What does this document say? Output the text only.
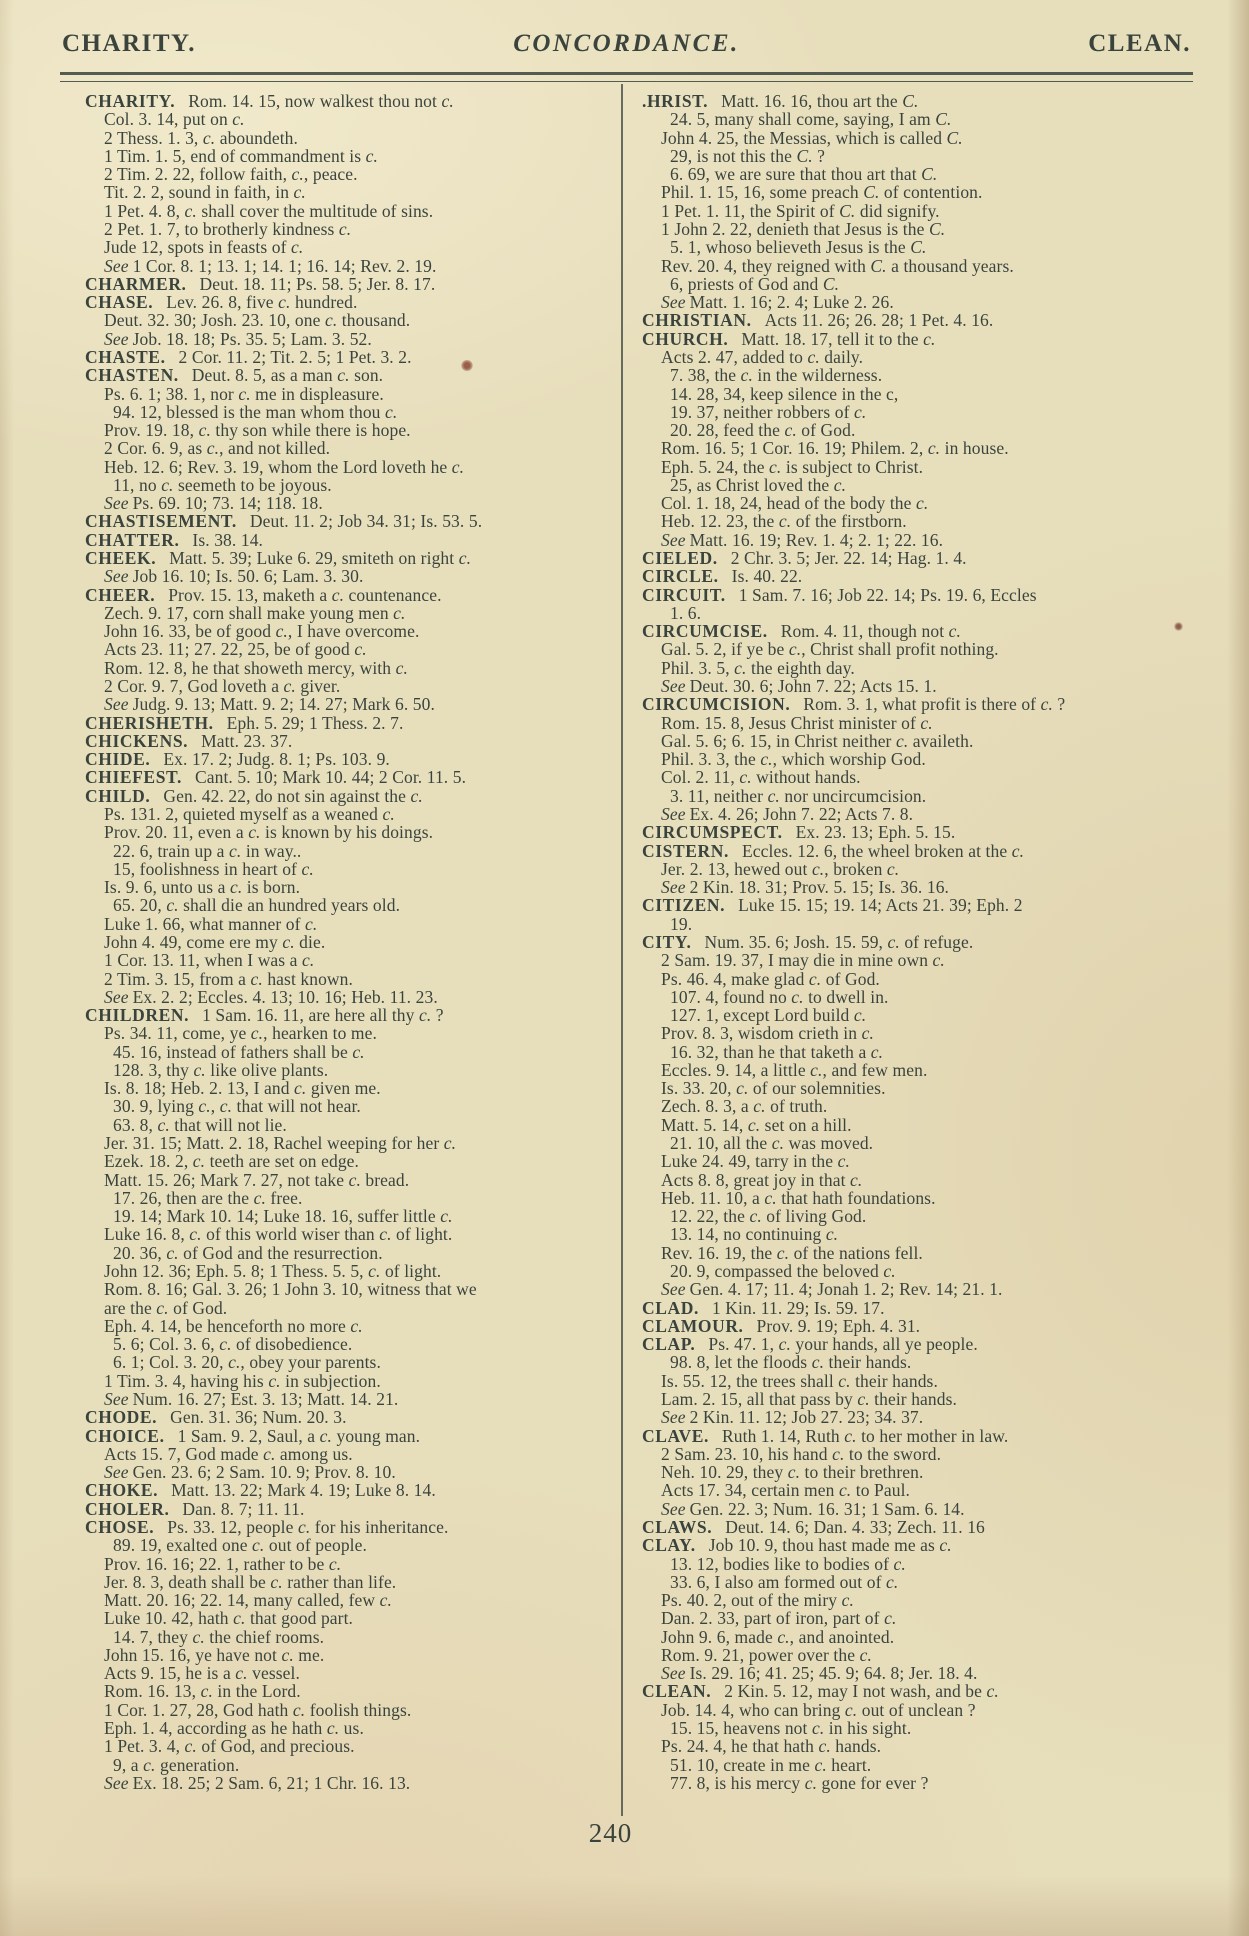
CHARITY.	CONCORDANCE.	CLEAN.
CHARITY. Rom. 14. 15, now walkest thou not c.
Col. 3. 14, put on c.
2 Thess. 1. 3, c. aboundeth.
1 Tim. 1. 5, end of commandment is c.
2 Tim. 2. 22, follow faith, c., peace.
Tit. 2. 2, sound in faith, in c.
1 Pet. 4. 8, c. shall cover the multitude of sins.
2 Pet. 1. 7, to brotherly kindness c.
Jude 12, spots in feasts of c.
See 1 Cor. 8. 1; 13. 1; 14. 1; 16. 14; Rev. 2. 19.
CHARMER. Deut. 18. 11; Ps. 58. 5; Jer. 8. 17.
CHASE. Lev. 26. 8, five c. hundred.
Deut. 32. 30; Josh. 23. 10, one c. thousand.
See Job. 18. 18; Ps. 35. 5; Lam. 3. 52.
CHASTE. 2 Cor. 11. 2; Tit. 2. 5; 1 Pet. 3. 2.
CHASTEN. Deut. 8. 5, as a man c. son.
Ps. 6. 1; 38. 1, nor c. me in displeasure.
94. 12, blessed is the man whom thou c.
Prov. 19. 18, c. thy son while there is hope.
2 Cor. 6. 9, as c., and not killed.
Heb. 12. 6; Rev. 3. 19, whom the Lord loveth he c.
11, no c. seemeth to be joyous.
See Ps. 69. 10; 73. 14; 118. 18.
CHASTISEMENT. Deut. 11. 2; Job 34. 31; Is. 53. 5.
CHATTER. Is. 38. 14.
CHEEK. Matt. 5. 39; Luke 6. 29, smiteth on right c.
See Job 16. 10; Is. 50. 6; Lam. 3. 30.
CHEER. Prov. 15. 13, maketh a c. countenance.
Zech. 9. 17, corn shall make young men c.
John 16. 33, be of good c., I have overcome.
Acts 23. 11; 27. 22, 25, be of good c.
Rom. 12. 8, he that showeth mercy, with c.
2 Cor. 9. 7, God loveth a c. giver.
See Judg. 9. 13; Matt. 9. 2; 14. 27; Mark 6. 50.
CHERISHETH. Eph. 5. 29; 1 Thess. 2. 7.
CHICKENS. Matt. 23. 37.
CHIDE. Ex. 17. 2; Judg. 8. 1; Ps. 103. 9.
CHIEFEST. Cant. 5. 10; Mark 10. 44; 2 Cor. 11. 5.
CHILD. Gen. 42. 22, do not sin against the c.
Ps. 131. 2, quieted myself as a weaned c.
Prov. 20. 11, even a c. is known by his doings.
22. 6, train up a c. in way..
15, foolishness in heart of c.
Is. 9. 6, unto us a c. is born.
65. 20, c. shall die an hundred years old.
Luke 1. 66, what manner of c.
John 4. 49, come ere my c. die.
1 Cor. 13. 11, when I was a c.
2 Tim. 3. 15, from a c. hast known.
See Ex. 2. 2; Eccles. 4. 13; 10. 16; Heb. 11. 23.
CHILDREN. 1 Sam. 16. 11, are here all thy c. ?
Ps. 34. 11, come, ye c., hearken to me.
45. 16, instead of fathers shall be c.
128. 3, thy c. like olive plants.
Is. 8. 18; Heb. 2. 13, I and c. given me.
30. 9, lying c., c. that will not hear.
63. 8, c. that will not lie.
Jer. 31. 15; Matt. 2. 18, Rachel weeping for her c.
Ezek. 18. 2, c. teeth are set on edge.
Matt. 15. 26; Mark 7. 27, not take c. bread.
17. 26, then are the c. free.
19. 14; Mark 10. 14; Luke 18. 16, suffer little c.
Luke 16. 8, c. of this world wiser than c. of light.
20. 36, c. of God and the resurrection.
John 12. 36; Eph. 5. 8; 1 Thess. 5. 5, c. of light.
Rom. 8. 16; Gal. 3. 26; 1 John 3. 10, witness that we
are the c. of God.
Eph. 4. 14, be henceforth no more c.
5. 6; Col. 3. 6, c. of disobedience.
6. 1; Col. 3. 20, c., obey your parents.
1 Tim. 3. 4, having his c. in subjection.
See Num. 16. 27; Est. 3. 13; Matt. 14. 21.
CHODE. Gen. 31. 36; Num. 20. 3.
CHOICE. 1 Sam. 9. 2, Saul, a c. young man.
Acts 15. 7, God made c. among us.
See Gen. 23. 6; 2 Sam. 10. 9; Prov. 8. 10.
CHOKE. Matt. 13. 22; Mark 4. 19; Luke 8. 14.
CHOLER. Dan. 8. 7; 11. 11.
CHOSE. Ps. 33. 12, people c. for his inheritance.
89. 19, exalted one c. out of people.
Prov. 16. 16; 22. 1, rather to be c.
Jer. 8. 3, death shall be c. rather than life.
Matt. 20. 16; 22. 14, many called, few c.
Luke 10. 42, hath c. that good part.
14. 7, they c. the chief rooms.
John 15. 16, ye have not c. me.
Acts 9. 15, he is a c. vessel.
Rom. 16. 13, c. in the Lord.
1 Cor. 1. 27, 28, God hath c. foolish things.
Eph. 1. 4, according as he hath c. us.
1 Pet. 3. 4, c. of God, and precious.
9, a c. generation.
See Ex. 18. 25; 2 Sam. 6, 21; 1 Chr. 16. 13.
.HRIST. Matt. 16. 16, thou art the C.
24. 5, many shall come, saying, I am C.
John 4. 25, the Messias, which is called C.
29, is not this the C. ?
6. 69, we are sure that thou art that C.
Phil. 1. 15, 16, some preach C. of contention.
1 Pet. 1. 11, the Spirit of C. did signify.
1 John 2. 22, denieth that Jesus is the C.
5. 1, whoso believeth Jesus is the C.
Rev. 20. 4, they reigned with C. a thousand years.
6, priests of God and C.
See Matt. 1. 16; 2. 4; Luke 2. 26.
CHRISTIAN. Acts 11. 26; 26. 28; 1 Pet. 4. 16.
CHURCH. Matt. 18. 17, tell it to the c.
Acts 2. 47, added to c. daily.
7. 38, the c. in the wilderness.
14. 28, 34, keep silence in the c,
19. 37, neither robbers of c.
20. 28, feed the c. of God.
Rom. 16. 5; 1 Cor. 16. 19; Philem. 2, c. in house.
Eph. 5. 24, the c. is subject to Christ.
25, as Christ loved the c.
Col. 1. 18, 24, head of the body the c.
Heb. 12. 23, the c. of the firstborn.
See Matt. 16. 19; Rev. 1. 4; 2. 1; 22. 16.
CIELED. 2 Chr. 3. 5; Jer. 22. 14; Hag. 1. 4.
CIRCLE. Is. 40. 22.
CIRCUIT. 1 Sam. 7. 16; Job 22. 14; Ps. 19. 6, Eccles
1. 6.
CIRCUMCISE. Rom. 4. 11, though not c.
Gal. 5. 2, if ye be c., Christ shall profit nothing.
Phil. 3. 5, c. the eighth day.
See Deut. 30. 6; John 7. 22; Acts 15. 1.
CIRCUMCISION. Rom. 3. 1, what profit is there of c. ?
Rom. 15. 8, Jesus Christ minister of c.
Gal. 5. 6; 6. 15, in Christ neither c. availeth.
Phil. 3. 3, the c., which worship God.
Col. 2. 11, c. without hands.
3. 11, neither c. nor uncircumcision.
See Ex. 4. 26; John 7. 22; Acts 7. 8.
CIRCUMSPECT. Ex. 23. 13; Eph. 5. 15.
CISTERN. Eccles. 12. 6, the wheel broken at the c.
Jer. 2. 13, hewed out c., broken c.
See 2 Kin. 18. 31; Prov. 5. 15; Is. 36. 16.
CITIZEN. Luke 15. 15; 19. 14; Acts 21. 39; Eph. 2
19.
CITY. Num. 35. 6; Josh. 15. 59, c. of refuge.
2 Sam. 19. 37, I may die in mine own c.
Ps. 46. 4, make glad c. of God.
107. 4, found no c. to dwell in.
127. 1, except Lord build c.
Prov. 8. 3, wisdom crieth in c.
16. 32, than he that taketh a c.
Eccles. 9. 14, a little c., and few men.
Is. 33. 20, c. of our solemnities.
Zech. 8. 3, a c. of truth.
Matt. 5. 14, c. set on a hill.
21. 10, all the c. was moved.
Luke 24. 49, tarry in the c.
Acts 8. 8, great joy in that c.
Heb. 11. 10, a c. that hath foundations.
12. 22, the c. of living God.
13. 14, no continuing c.
Rev. 16. 19, the c. of the nations fell.
20. 9, compassed the beloved c.
See Gen. 4. 17; 11. 4; Jonah 1. 2; Rev. 14; 21. 1.
CLAD. 1 Kin. 11. 29; Is. 59. 17.
CLAMOUR. Prov. 9. 19; Eph. 4. 31.
CLAP. Ps. 47. 1, c. your hands, all ye people.
98. 8, let the floods c. their hands.
Is. 55. 12, the trees shall c. their hands.
Lam. 2. 15, all that pass by c. their hands.
See 2 Kin. 11. 12; Job 27. 23; 34. 37.
CLAVE. Ruth 1. 14, Ruth c. to her mother in law.
2 Sam. 23. 10, his hand c. to the sword.
Neh. 10. 29, they c. to their brethren.
Acts 17. 34, certain men c. to Paul.
See Gen. 22. 3; Num. 16. 31; 1 Sam. 6. 14.
CLAWS. Deut. 14. 6; Dan. 4. 33; Zech. 11. 16
CLAY. Job 10. 9, thou hast made me as c.
13. 12, bodies like to bodies of c.
33. 6, I also am formed out of c.
Ps. 40. 2, out of the miry c.
Dan. 2. 33, part of iron, part of c.
John 9. 6, made c., and anointed.
Rom. 9. 21, power over the c.
See Is. 29. 16; 41. 25; 45. 9; 64. 8; Jer. 18. 4.
CLEAN. 2 Kin. 5. 12, may I not wash, and be c.
Job. 14. 4, who can bring c. out of unclean ?
15. 15, heavens not c. in his sight.
Ps. 24. 4, he that hath c. hands.
51. 10, create in me c. heart.
77. 8, is his mercy c. gone for ever ?
240
